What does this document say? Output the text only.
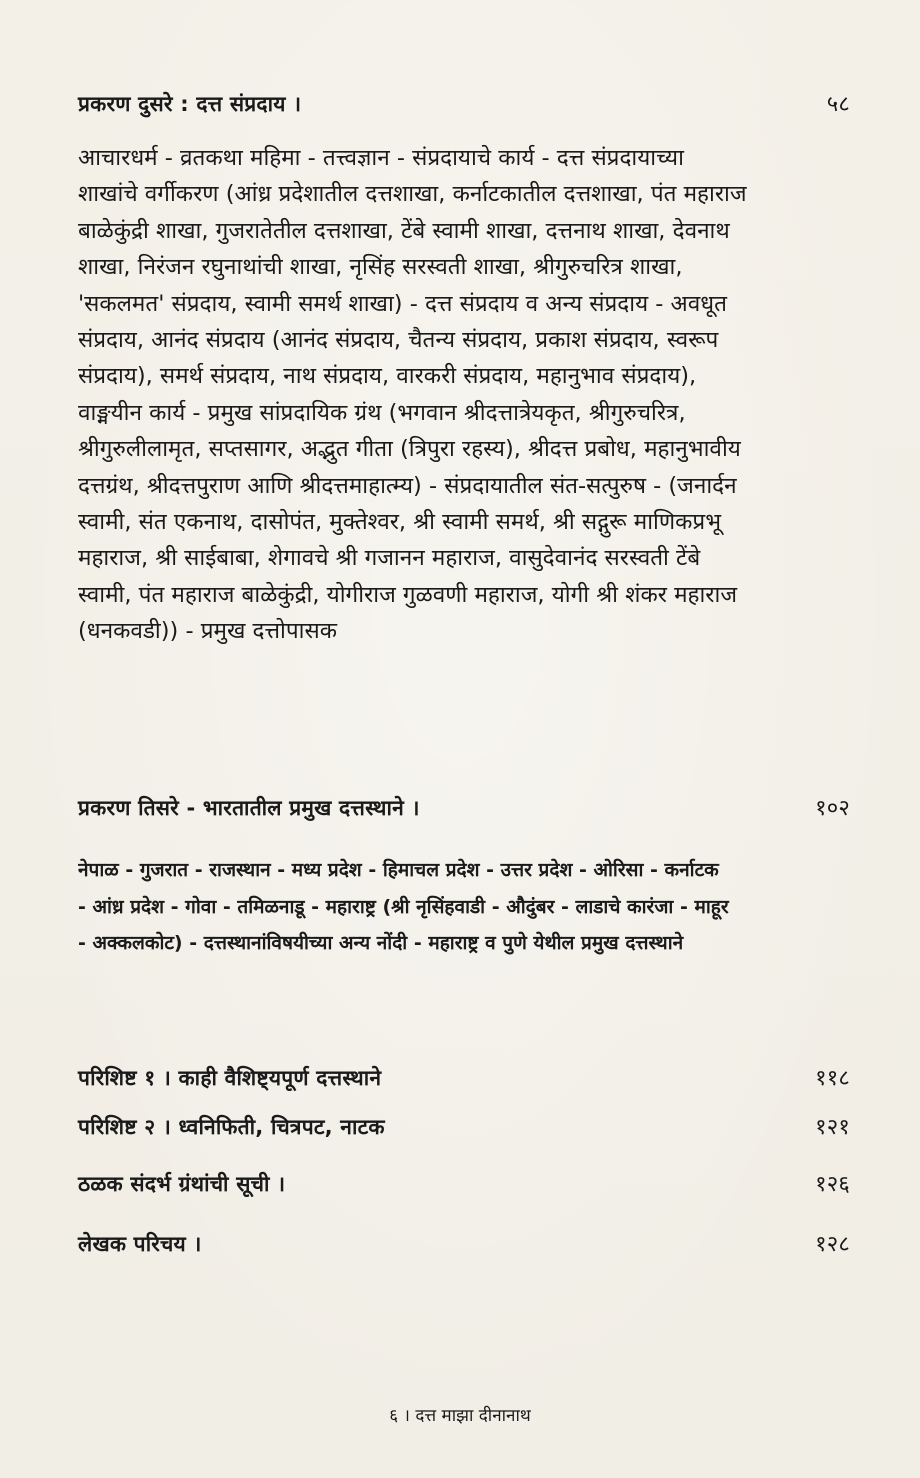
प्रकरण दुसरे : दत्त संप्रदाय ।	५८
आचारधर्म - व्रतकथा महिमा - तत्त्वज्ञान - संप्रदायाचे कार्य - दत्त संप्रदायाच्या
शाखांचे वर्गीकरण (आंध्र प्रदेशातील दत्तशाखा, कर्नाटकातील दत्तशाखा, पंत महाराज
बाळेकुंद्री शाखा, गुजरातेतील दत्तशाखा, टेंबे स्वामी शाखा, दत्तनाथ शाखा, देवनाथ
शाखा, निरंजन रघुनाथांची शाखा, नृसिंह सरस्वती शाखा, श्रीगुरुचरित्र शाखा,
'सकलमत' संप्रदाय, स्वामी समर्थ शाखा) - दत्त संप्रदाय व अन्य संप्रदाय - अवधूत
संप्रदाय, आनंद संप्रदाय (आनंद संप्रदाय, चैतन्य संप्रदाय, प्रकाश संप्रदाय, स्वरूप
संप्रदाय), समर्थ संप्रदाय, नाथ संप्रदाय, वारकरी संप्रदाय, महानुभाव संप्रदाय),
वाङ्मयीन कार्य - प्रमुख सांप्रदायिक ग्रंथ (भगवान श्रीदत्तात्रेयकृत, श्रीगुरुचरित्र,
श्रीगुरुलीलामृत, सप्तसागर, अद्भुत गीता (त्रिपुरा रहस्य), श्रीदत्त प्रबोध, महानुभावीय
दत्तग्रंथ, श्रीदत्तपुराण आणि श्रीदत्तमाहात्म्य) - संप्रदायातील संत-सत्पुरुष - (जनार्दन
स्वामी, संत एकनाथ, दासोपंत, मुक्तेश्वर, श्री स्वामी समर्थ, श्री सद्गुरू माणिकप्रभू
महाराज, श्री साईबाबा, शेगावचे श्री गजानन महाराज, वासुदेवानंद सरस्वती टेंबे
स्वामी, पंत महाराज बाळेकुंद्री, योगीराज गुळवणी महाराज, योगी श्री शंकर महाराज
(धनकवडी)) - प्रमुख दत्तोपासक
प्रकरण तिसरे - भारतातील प्रमुख दत्तस्थाने ।	१०२
नेपाळ - गुजरात - राजस्थान - मध्य प्रदेश - हिमाचल प्रदेश - उत्तर प्रदेश - ओरिसा - कर्नाटक
- आंध्र प्रदेश - गोवा - तमिळनाडू - महाराष्ट्र (श्री नृसिंहवाडी - औदुंबर - लाडाचे कारंजा - माहूर
- अक्कलकोट) - दत्तस्थानांविषयीच्या अन्य नोंदी - महाराष्ट्र व पुणे येथील प्रमुख दत्तस्थाने
परिशिष्ट १ । काही वैशिष्ट्यपूर्ण दत्तस्थाने	११८
परिशिष्ट २ । ध्वनिफिती, चित्रपट, नाटक	१२१
ठळक संदर्भ ग्रंथांची सूची ।	१२६
लेखक परिचय ।	१२८
६ । दत्त माझा दीनानाथ
